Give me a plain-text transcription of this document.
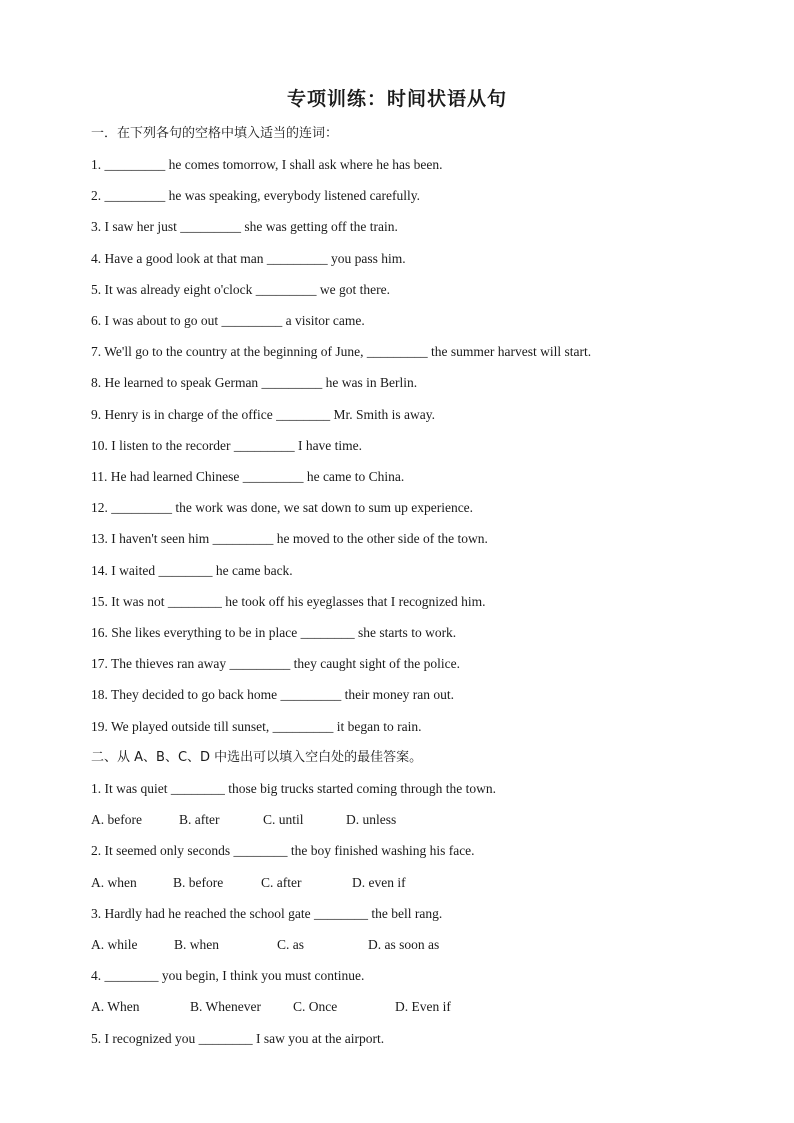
专项训练：时间状语从句
一．在下列各句的空格中填入适当的连词：
1. _________ he comes tomorrow, I shall ask where he has been.
2. _________ he was speaking, everybody listened carefully.
3. I saw her just _________ she was getting off the train.
4. Have a good look at that man _________ you pass him.
5. It was already eight o'clock _________ we got there.
6. I was about to go out _________ a visitor came.
7. We'll go to the country at the beginning of June, _________ the summer harvest will start.
8. He learned to speak German _________ he was in Berlin.
9. Henry is in charge of the office ________ Mr. Smith is away.
10. I listen to the recorder _________ I have time.
11. He had learned Chinese _________ he came to China.
12. _________ the work was done, we sat down to sum up experience.
13. I haven't seen him _________ he moved to the other side of the town.
14. I waited ________ he came back.
15. It was not ________ he took off his eyeglasses that I recognized him.
16. She likes everything to be in place ________ she starts to work.
17. The thieves ran away _________ they caught sight of the police.
18. They decided to go back home _________ their money ran out.
19. We played outside till sunset, _________ it began to rain.
二、从 A、B、C、D 中选出可以填入空白处的最佳答案。
1. It was quiet ________ those big trucks started coming through the town.
A. before	B. after	C. until	D. unless
2. It seemed only seconds ________ the boy finished washing his face.
A. when	B. before	C. after	D. even if
3. Hardly had he reached the school gate ________ the bell rang.
A. while	B. when	C. as	D. as soon as
4. ________ you begin, I think you must continue.
A. When	B. Whenever C. Once	D. Even if
5. I recognized you ________ I saw you at the airport.
